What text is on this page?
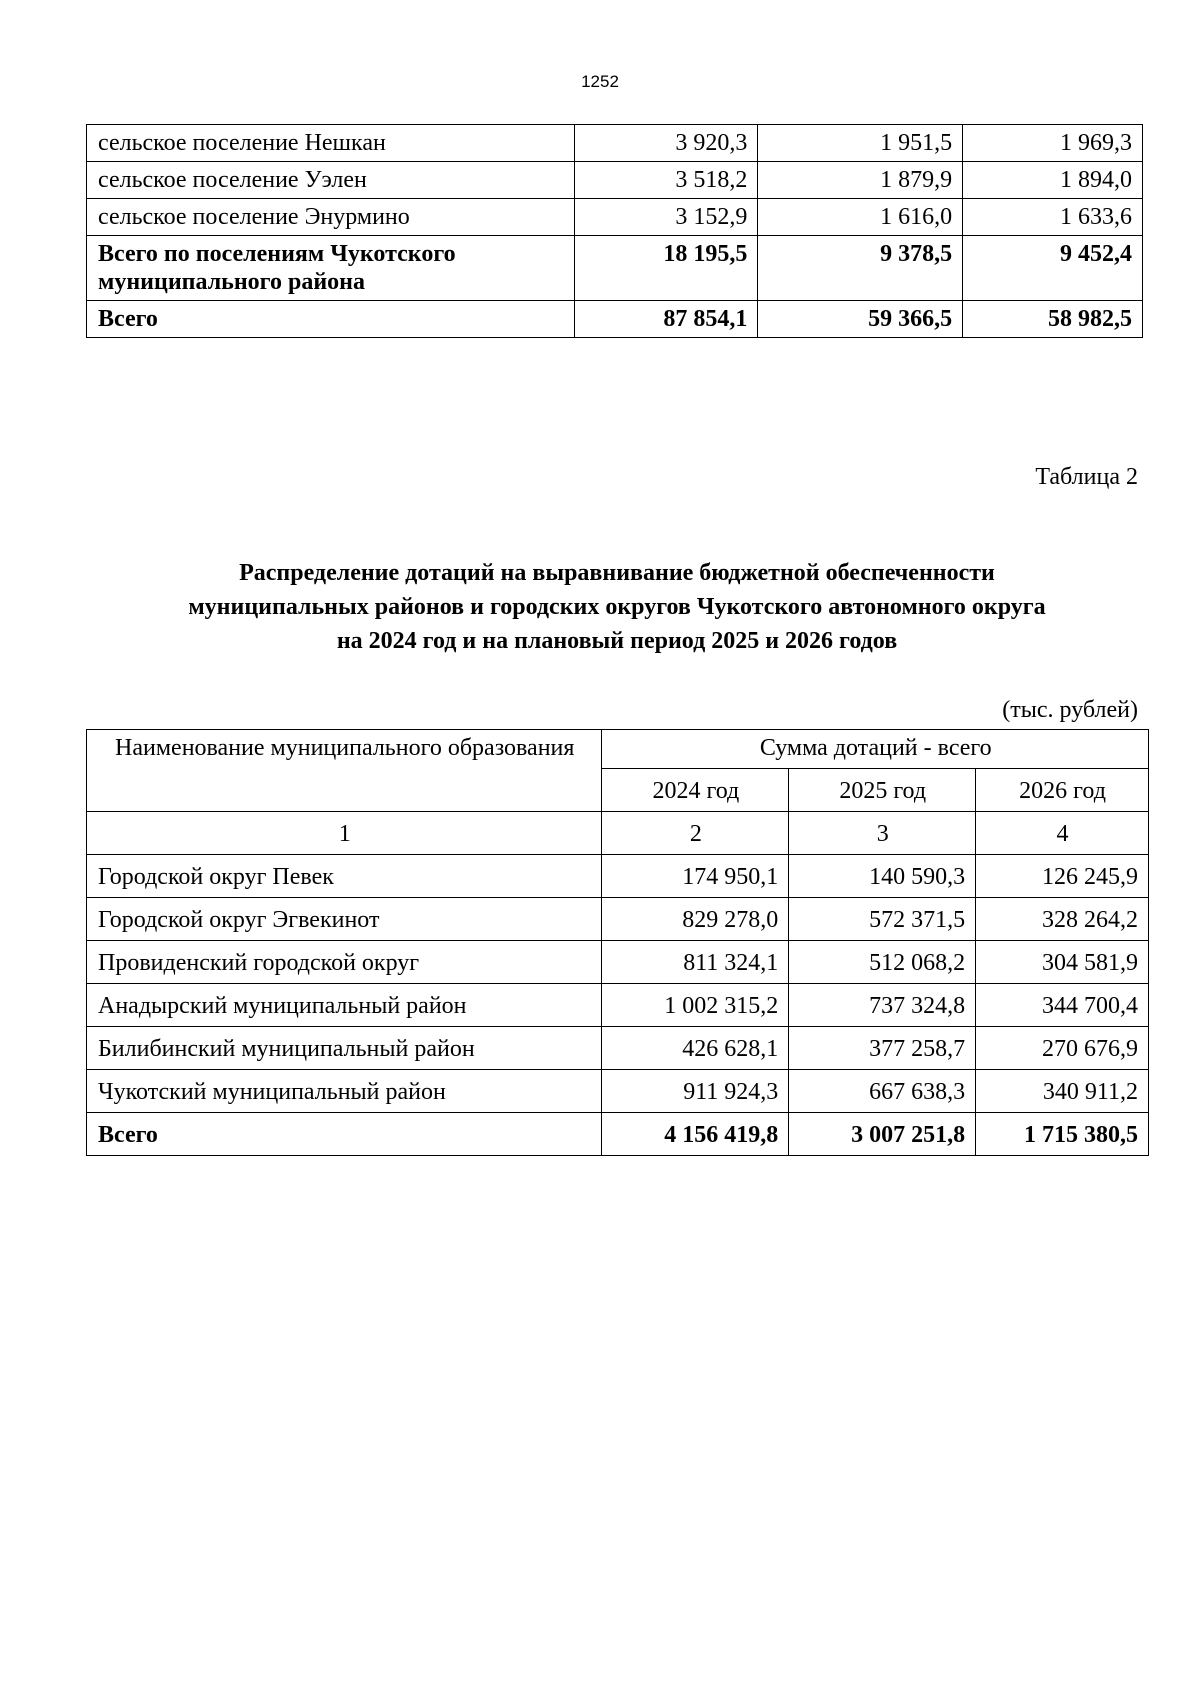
1252
сельское поселение Нешкан	3 920,3	1 951,5	1 969,3
сельское поселение Уэлен	3 518,2	1 879,9	1 894,0
сельское поселение Энурмино	3 152,9	1 616,0	1 633,6
Всего по поселениям Чукотского муниципального района	18 195,5	9 378,5	9 452,4
Всего	87 854,1	59 366,5	58 982,5
Таблица 2
Распределение дотаций на выравнивание бюджетной обеспеченности
муниципальных районов и городских округов Чукотского автономного округа
на 2024 год и на плановый период 2025 и 2026 годов
(тыс. рублей)
Наименование муниципального образования	Сумма дотаций - всего		
	2024 год	2025 год	2026 год
1	2	3	4
Городской округ Певек	174 950,1	140 590,3	126 245,9
Городской округ Эгвекинот	829 278,0	572 371,5	328 264,2
Провиденский городской округ	811 324,1	512 068,2	304 581,9
Анадырский муниципальный район	1 002 315,2	737 324,8	344 700,4
Билибинский муниципальный район	426 628,1	377 258,7	270 676,9
Чукотский муниципальный район	911 924,3	667 638,3	340 911,2
Всего	4 156 419,8	3 007 251,8	1 715 380,5
